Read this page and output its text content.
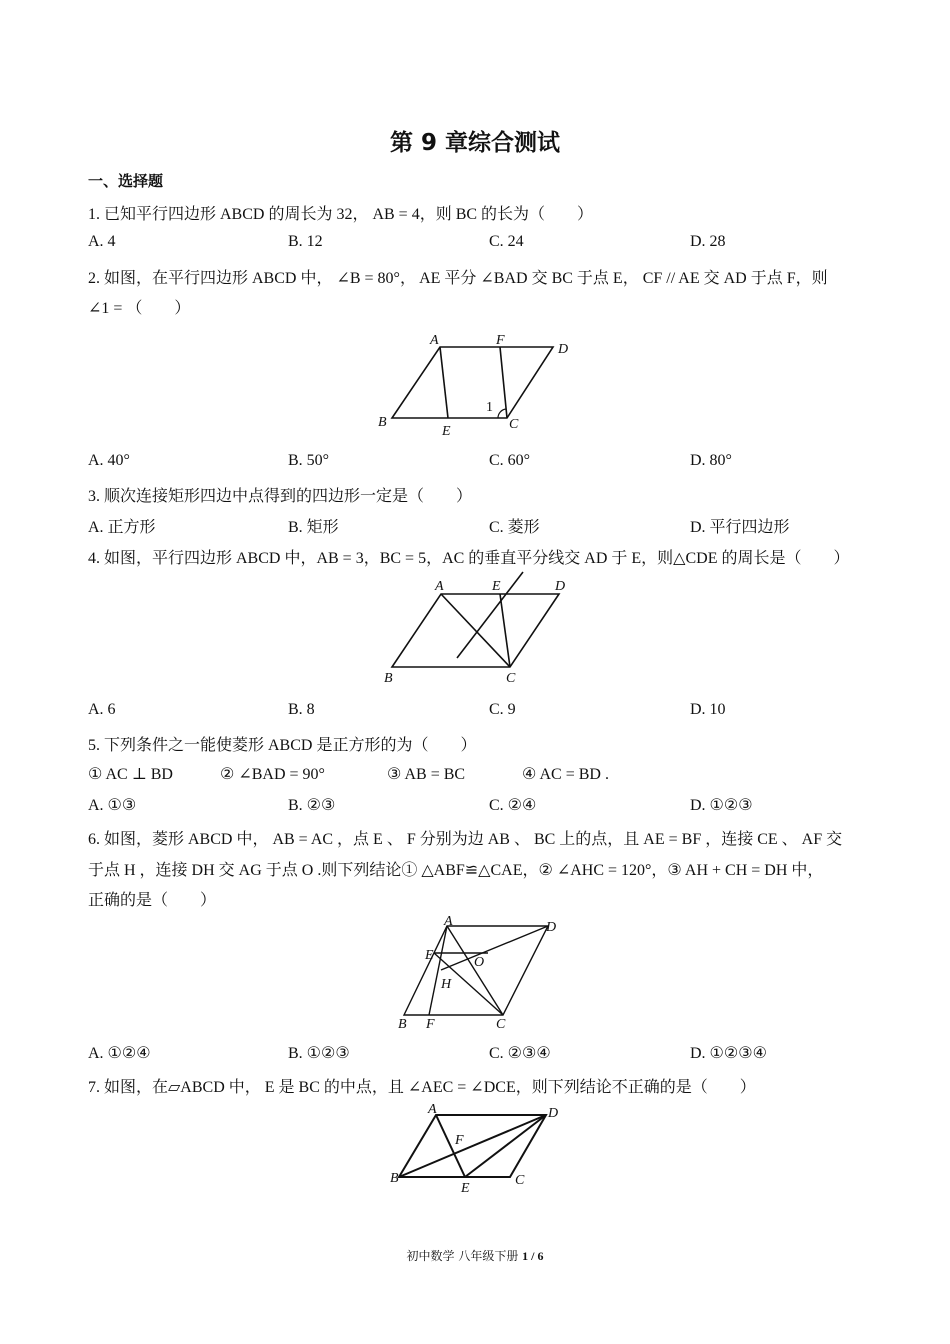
第 9 章综合测试
一、选择题
1. 已知平行四边形 ABCD 的周长为 32， AB = 4，则 BC 的长为（　　）
A. 4	B. 12	C. 24	D. 28
2. 如图，在平行四边形 ABCD 中， ∠B = 80°， AE 平分 ∠BAD 交 BC 于点 E， CF // AE 交 AD 于点 F，则
∠1 = （　　）
A	F
D
B
E	C
1
A. 40°	B. 50°	C. 60°	D. 80°
3. 顺次连接矩形四边中点得到的四边形一定是（　　）
A. 正方形	B. 矩形	C. 菱形	D. 平行四边形
4. 如图，平行四边形 ABCD 中，AB = 3，BC = 5，AC 的垂直平分线交 AD 于 E，则△CDE 的周长是（　　）
A	E	D
B	C
A. 6	B. 8	C. 9	D. 10
5. 下列条件之一能使菱形 ABCD 是正方形的为（　　）
① AC ⊥ BD	② ∠BAD = 90°	③ AB = BC	④ AC = BD .
A. ①③	B. ②③	C. ②④	D. ①②③
6. 如图，菱形 ABCD 中， AB = AC ，点 E 、 F 分别为边 AB 、 BC 上的点，且 AE = BF ，连接 CE 、 AF 交
于点 H ，连接 DH 交 AG 于点 O .则下列结论① △ABF≌△CAE，② ∠AHC = 120°，③ AH + CH = DH 中，
正确的是（　　）
A	D
E	O
H
B F	C
A. ①②④	B. ①②③	C. ②③④	D. ①②③④
7. 如图，在▱ABCD 中， E 是 BC 的中点，且 ∠AEC = ∠DCE，则下列结论不正确的是（　　）
A	D
F
B
E
C
初中数学 八年级下册 1 / 6
